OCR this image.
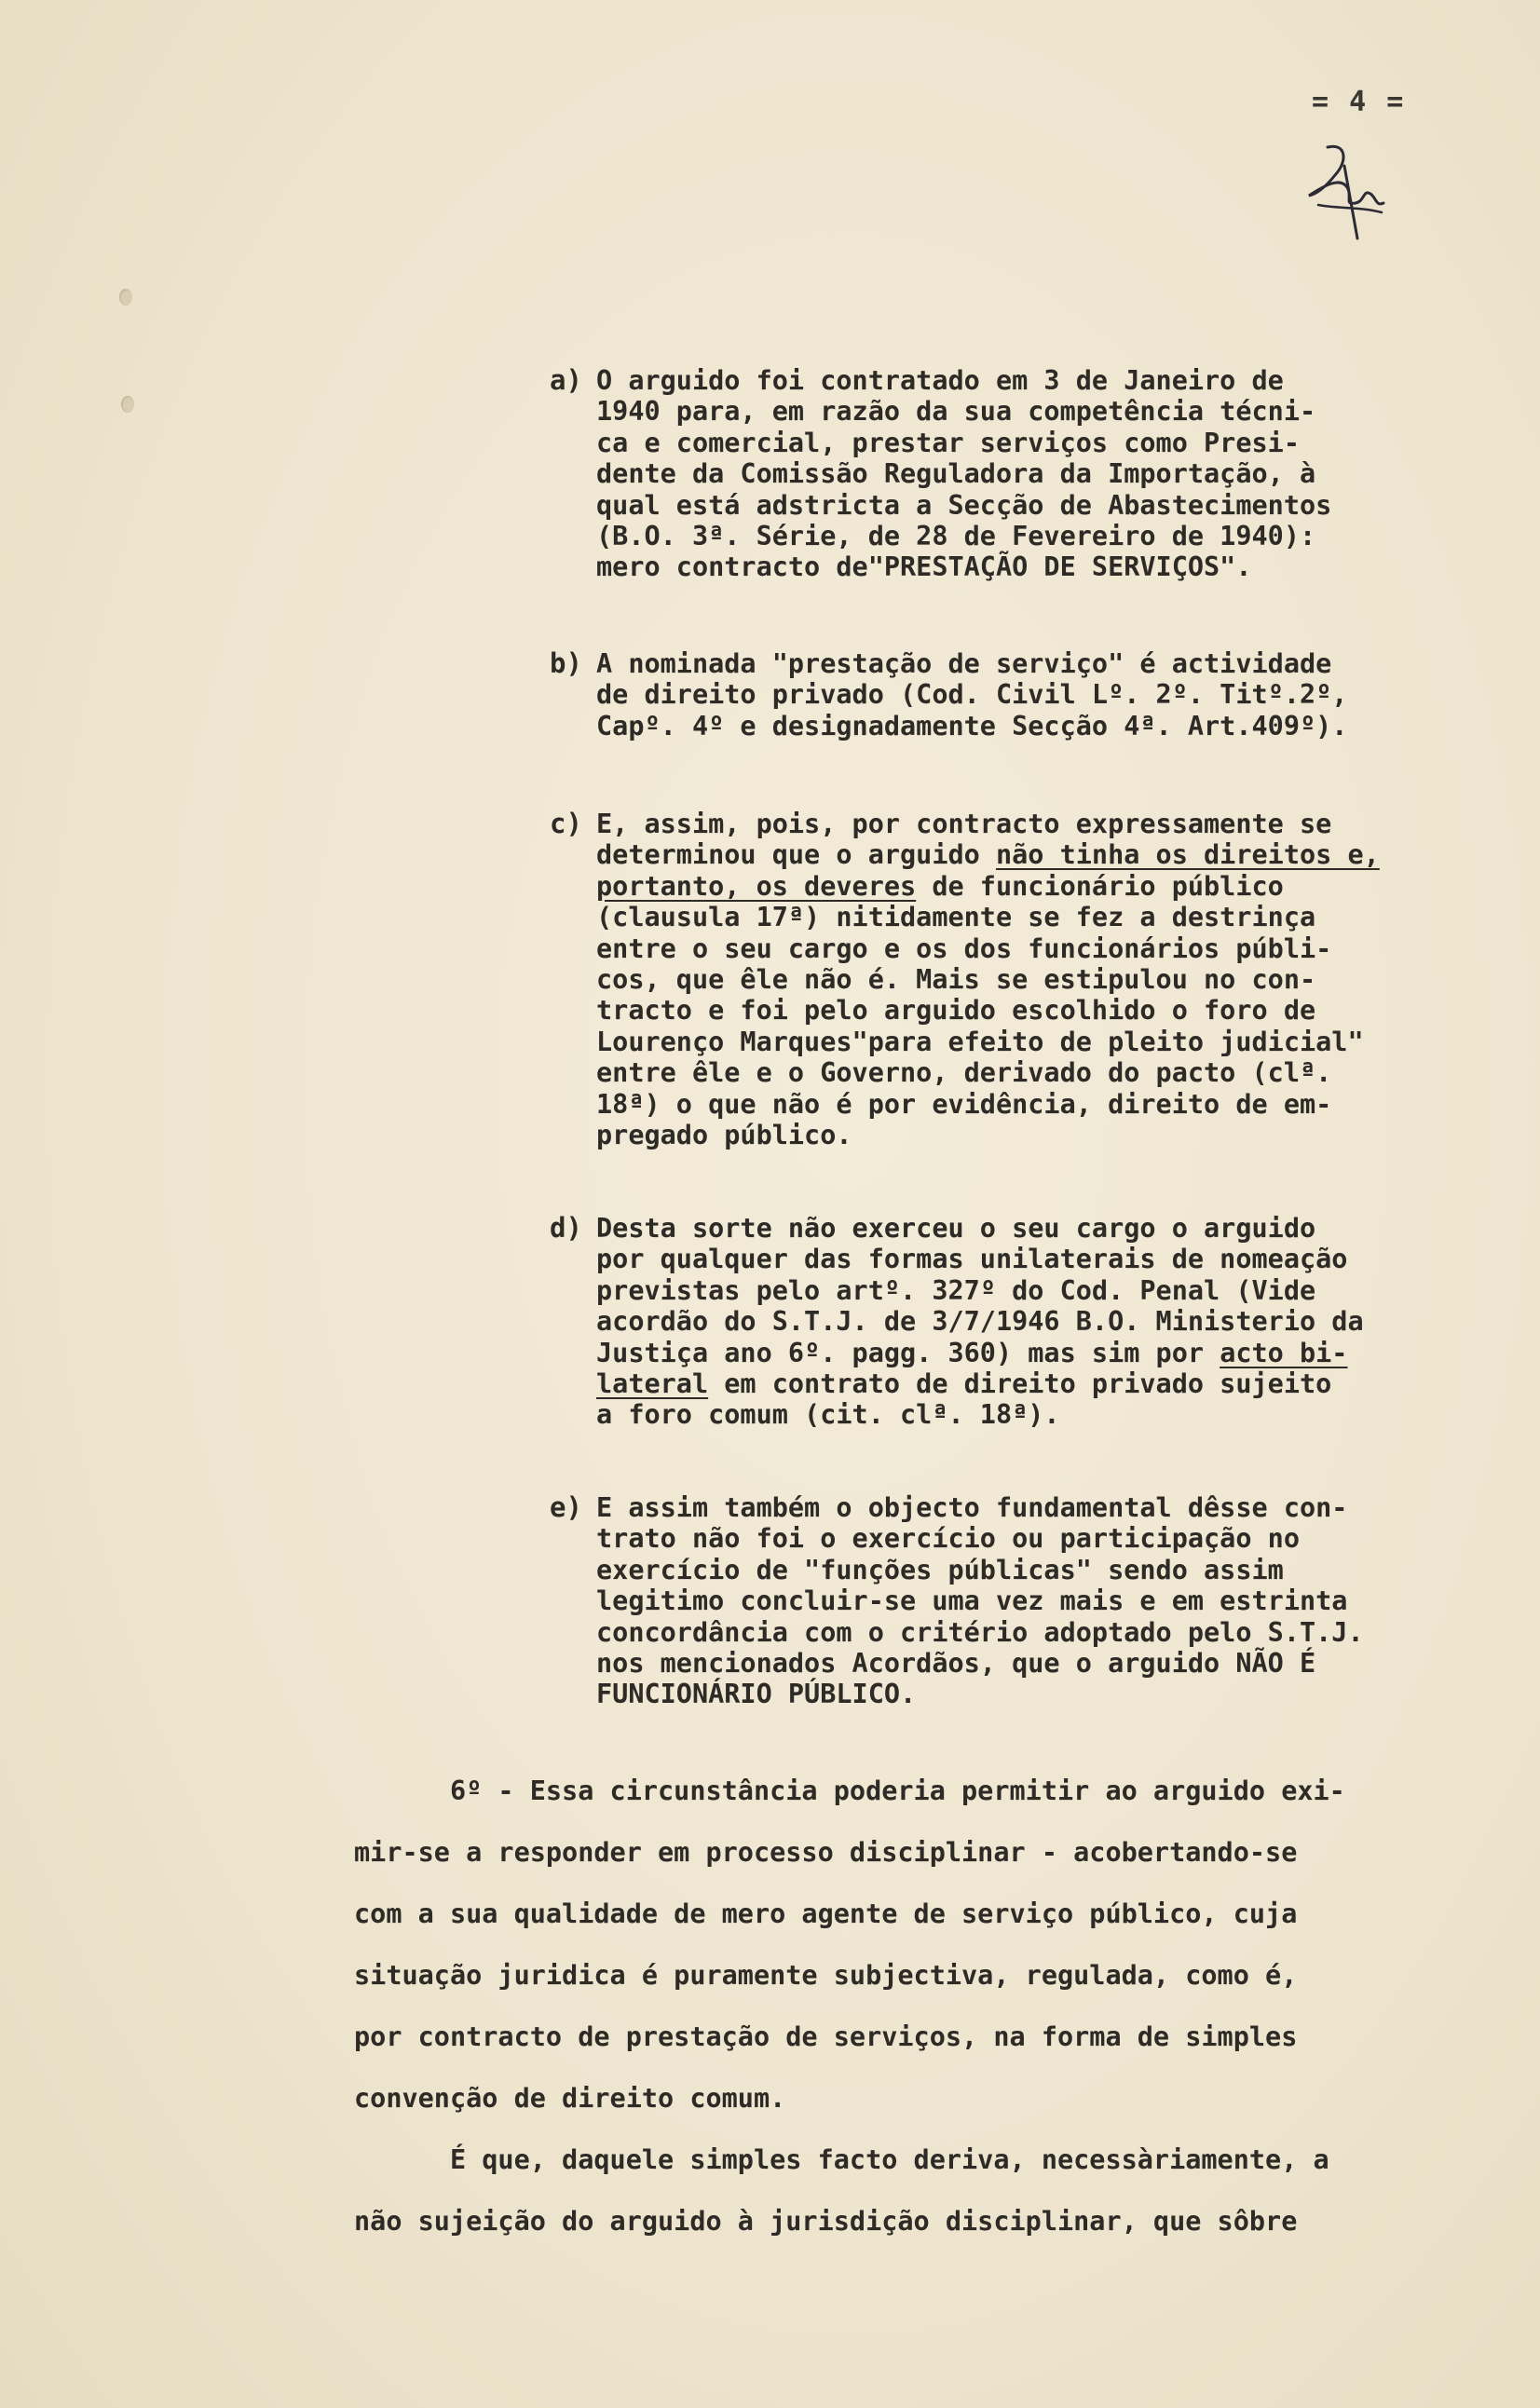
= 4 =
a) O arguido foi contratado em 3 de Janeiro de
1940 para, em razão da sua competência técni-
ca e comercial, prestar serviços como Presi-
dente da Comissão Reguladora da Importação, à
qual está adstricta a Secção de Abastecimentos
(B.O. 3ª. Série, de 28 de Fevereiro de 1940):
mero contracto de"PRESTAÇÃO DE SERVIÇOS".
b) A nominada "prestação de serviço" é actividade
de direito privado (Cod. Civil Lº. 2º. Titº.2º,
Capº. 4º e designadamente Secção 4ª. Art.409º).
c) E, assim, pois, por contracto expressamente se
determinou que o arguido não tinha os direitos e,
portanto, os deveres de funcionário público
(clausula 17ª) nitidamente se fez a destrinça
entre o seu cargo e os dos funcionários públi-
cos, que êle não é. Mais se estipulou no con-
tracto e foi pelo arguido escolhido o foro de
Lourenço Marques"para efeito de pleito judicial"
entre êle e o Governo, derivado do pacto (clª.
18ª) o que não é por evidência, direito de em-
pregado público.
d) Desta sorte não exerceu o seu cargo o arguido
por qualquer das formas unilaterais de nomeação
previstas pelo artº. 327º do Cod. Penal (Vide
acordão do S.T.J. de 3/7/1946 B.O. Ministerio da
Justiça ano 6º. pagg. 360) mas sim por acto bi-
lateral em contrato de direito privado sujeito
a foro comum (cit. clª. 18ª).
e) E assim também o objecto fundamental dêsse con-
trato não foi o exercício ou participação no
exercício de "funções públicas" sendo assim
legitimo concluir-se uma vez mais e em estrinta
concordância com o critério adoptado pelo S.T.J.
nos mencionados Acordãos, que o arguido NÃO É
FUNCIONÁRIO PÚBLICO.
6º - Essa circunstância poderia permitir ao arguido exi-
mir-se a responder em processo disciplinar - acobertando-se
com a sua qualidade de mero agente de serviço público, cuja
situação juridica é puramente subjectiva, regulada, como é,
por contracto de prestação de serviços, na forma de simples
convenção de direito comum.
É que, daquele simples facto deriva, necessàriamente, a
não sujeição do arguido à jurisdição disciplinar, que sôbre
